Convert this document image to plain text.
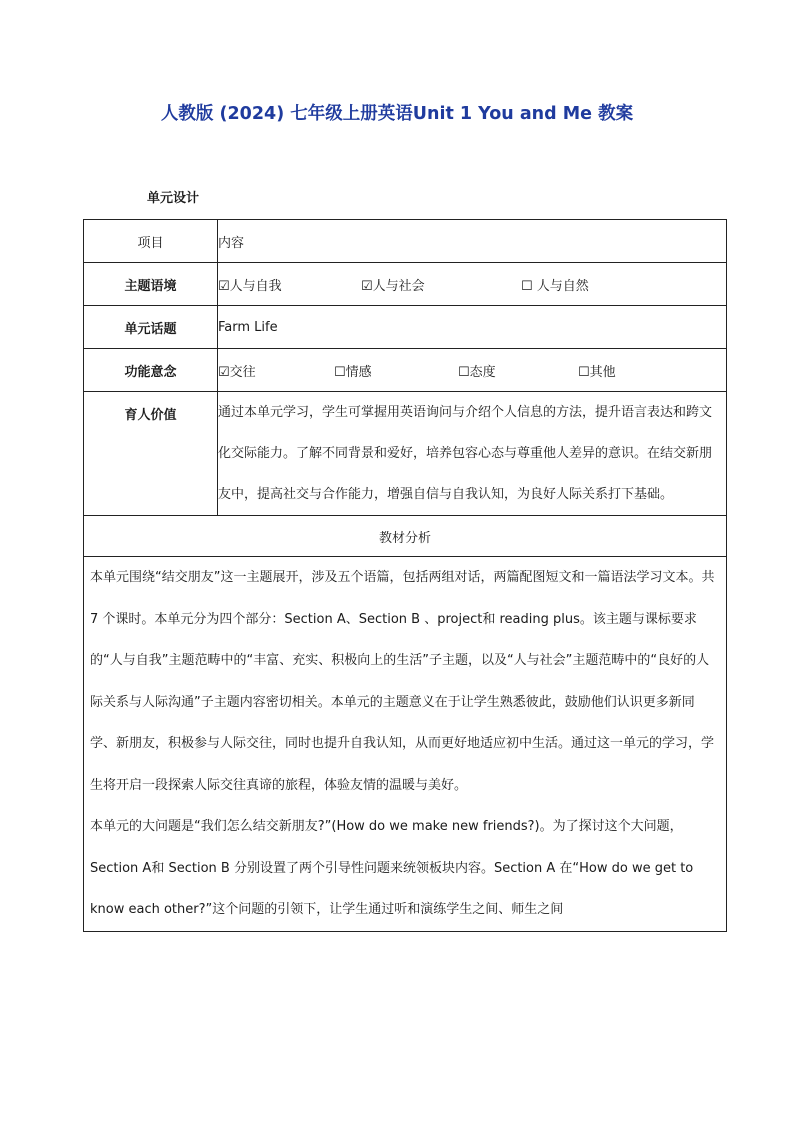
人教版 (2024) 七年级上册英语Unit 1 You and Me 教案
单元设计
项目	内容
主题语境	☑人与自我 ☑人与社会 ☐ 人与自然

单元话题	Farm Life
功能意念	☑交往 ☐情感 ☐态度 ☐其他

育人价值	通过本单元学习，学生可掌握用英语询问与介绍个人信息的方法，提升语言表达和跨文化交际能力。了解不同背景和爱好，培养包容心态与尊重他人差异的意识。在结交新朋友中，提高社交与合作能力，增强自信与自我认知，为良好人际关系打下基础。

教材分析	

本单元围绕“结交朋友”这一主题展开，涉及五个语篇，包括两组对话，两篇配图短文和一篇语法学习文本。共 7 个课时。本单元分为四个部分：Section A、Section B 、project和 reading plus。该主题与课标要求的“人与自我”主题范畴中的“丰富、充实、积极向上的生活”子主题，以及“人与社会”主题范畴中的“良好的人际关系与人际沟通”子主题内容密切相关。本单元的主题意义在于让学生熟悉彼此，鼓励他们认识更多新同学、新朋友，积极参与人际交往，同时也提升自我认知，从而更好地适应初中生活。通过这一单元的学习，学生将开启一段探索人际交往真谛的旅程，体验友情的温暖与美好。
本单元的大问题是“我们怎么结交新朋友?”(How do we make new friends?)。为了探讨这个大问题，Section A和 Section B 分别设置了两个引导性问题来统领板块内容。Section A 在“How do we get to know each other?”这个问题的引领下，让学生通过听和演练学生之间、师生之间	
